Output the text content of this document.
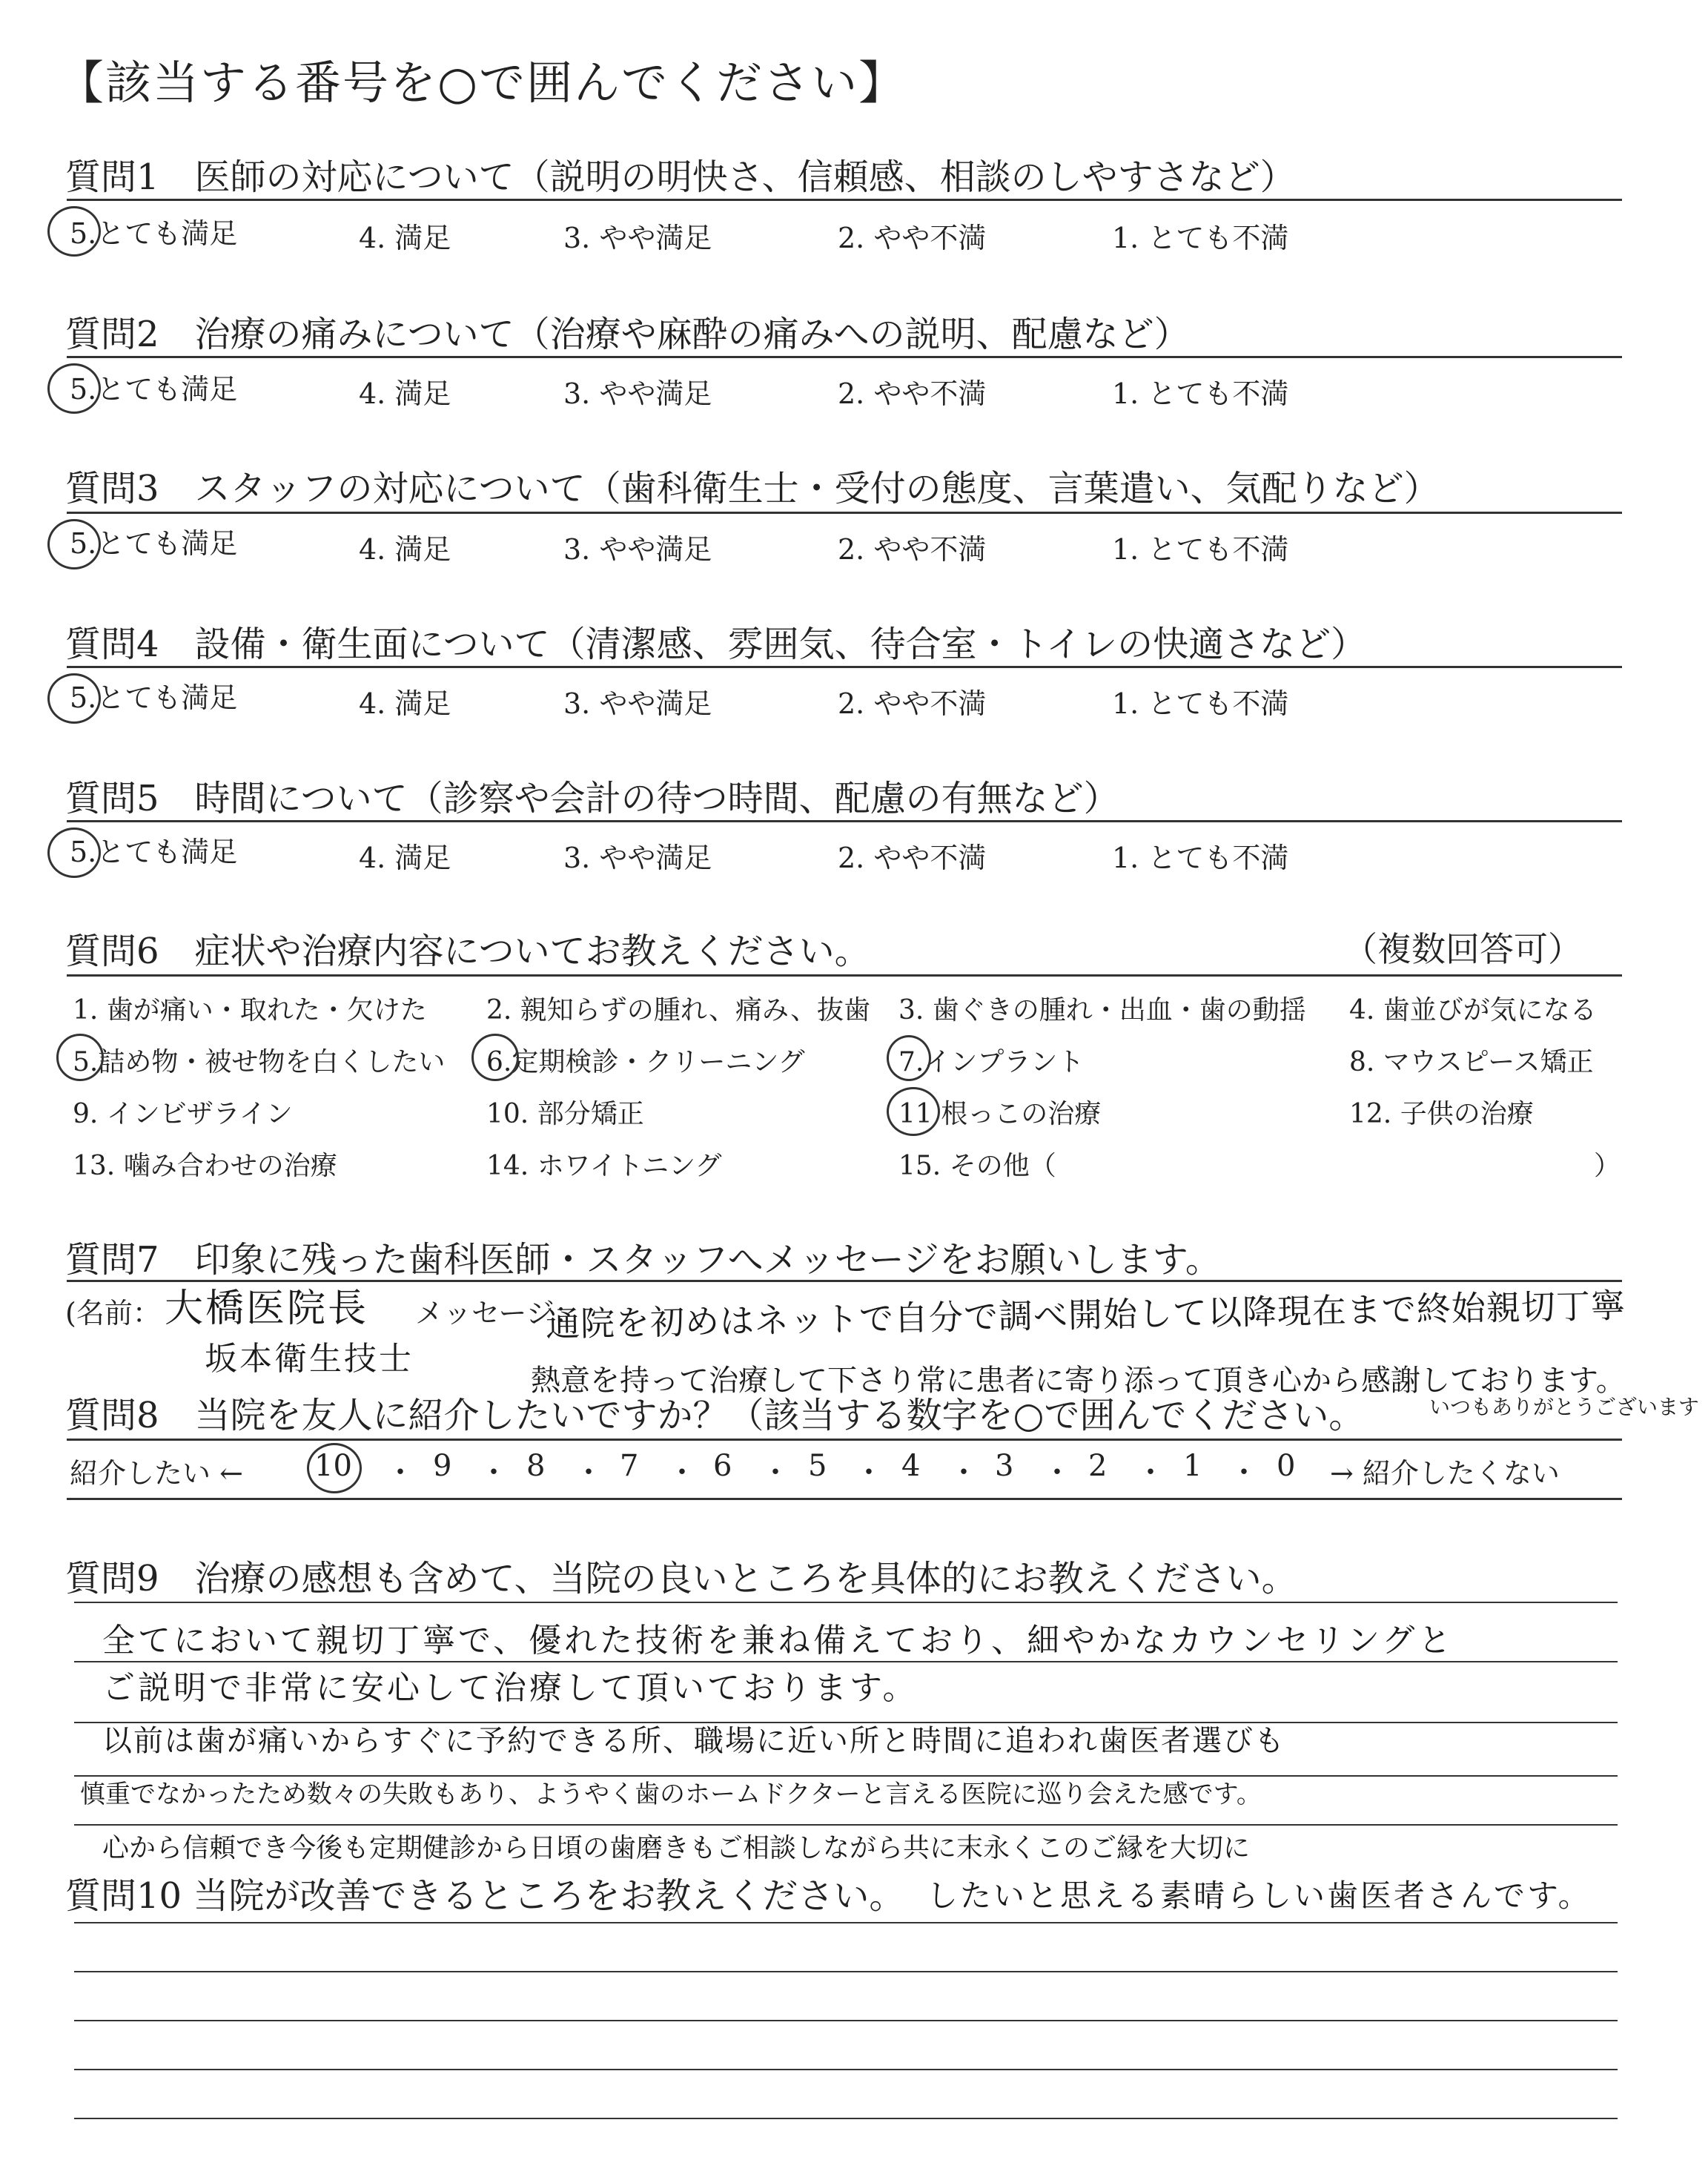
【該当する番号を○で囲んでください】
質問1　医師の対応について（説明の明快さ、信頼感、相談のしやすさなど）
5.とても満足	4. 満足	3. やや満足	2. やや不満	1. とても不満
質問2　治療の痛みについて（治療や麻酔の痛みへの説明、配慮など）
5.とても満足	4. 満足	3. やや満足	2. やや不満	1. とても不満
質問3　スタッフの対応について（歯科衛生士・受付の態度、言葉遣い、気配りなど）
5.とても満足	4. 満足	3. やや満足	2. やや不満	1. とても不満
質問4　設備・衛生面について（清潔感、雰囲気、待合室・トイレの快適さなど）
5.とても満足	4. 満足	3. やや満足	2. やや不満	1. とても不満
質問5　時間について（診察や会計の待つ時間、配慮の有無など）
5.とても満足	4. 満足	3. やや満足	2. やや不満	1. とても不満
質問6　症状や治療内容についてお教えください。	（複数回答可）
1. 歯が痛い・取れた・欠けた 2. 親知らずの腫れ、痛み、抜歯 3. 歯ぐきの腫れ・出血・歯の動揺 4. 歯並びが気になる
5.詰め物・被せ物を白くしたい 6.定期検診・クリーニング	7.インプラント	8. マウスピース矯正
9. インビザライン	10. 部分矯正	11 根っこの治療	12. 子供の治療
13. 噛み合わせの治療	14. ホワイトニング	15. その他（	）
質問7　印象に残った歯科医師・スタッフへメッセージをお願いします。
(名前：	メッセージ：
大橋医院長
坂本衛生技士
通院を初めはネットで自分で調べ開始して以降現在まで終始親切丁寧
熱意を持って治療して下さり常に患者に寄り添って頂き心から感謝しております。
質問8　当院を友人に紹介したいですか？（該当する数字を○で囲んでください。	いつもありがとうございます
紹介したい ← 10 ・ 9 ・ 8 ・ 7 ・ 6 ・ 5 ・ 4 ・ 3 ・ 2 ・ 1 ・ 0 → 紹介したくない
質問9　治療の感想も含めて、当院の良いところを具体的にお教えください。
全てにおいて親切丁寧で、優れた技術を兼ね備えており、細やかなカウンセリングと
ご説明で非常に安心して治療して頂いております。
以前は歯が痛いからすぐに予約できる所、職場に近い所と時間に追われ歯医者選びも
慎重でなかったため数々の失敗もあり、ようやく歯のホームドクターと言える医院に巡り会えた感です。
心から信頼でき今後も定期健診から日頃の歯磨きもご相談しながら共に末永くこのご縁を大切に
質問10 当院が改善できるところをお教えください。 したいと思える素晴らしい歯医者さんです。
